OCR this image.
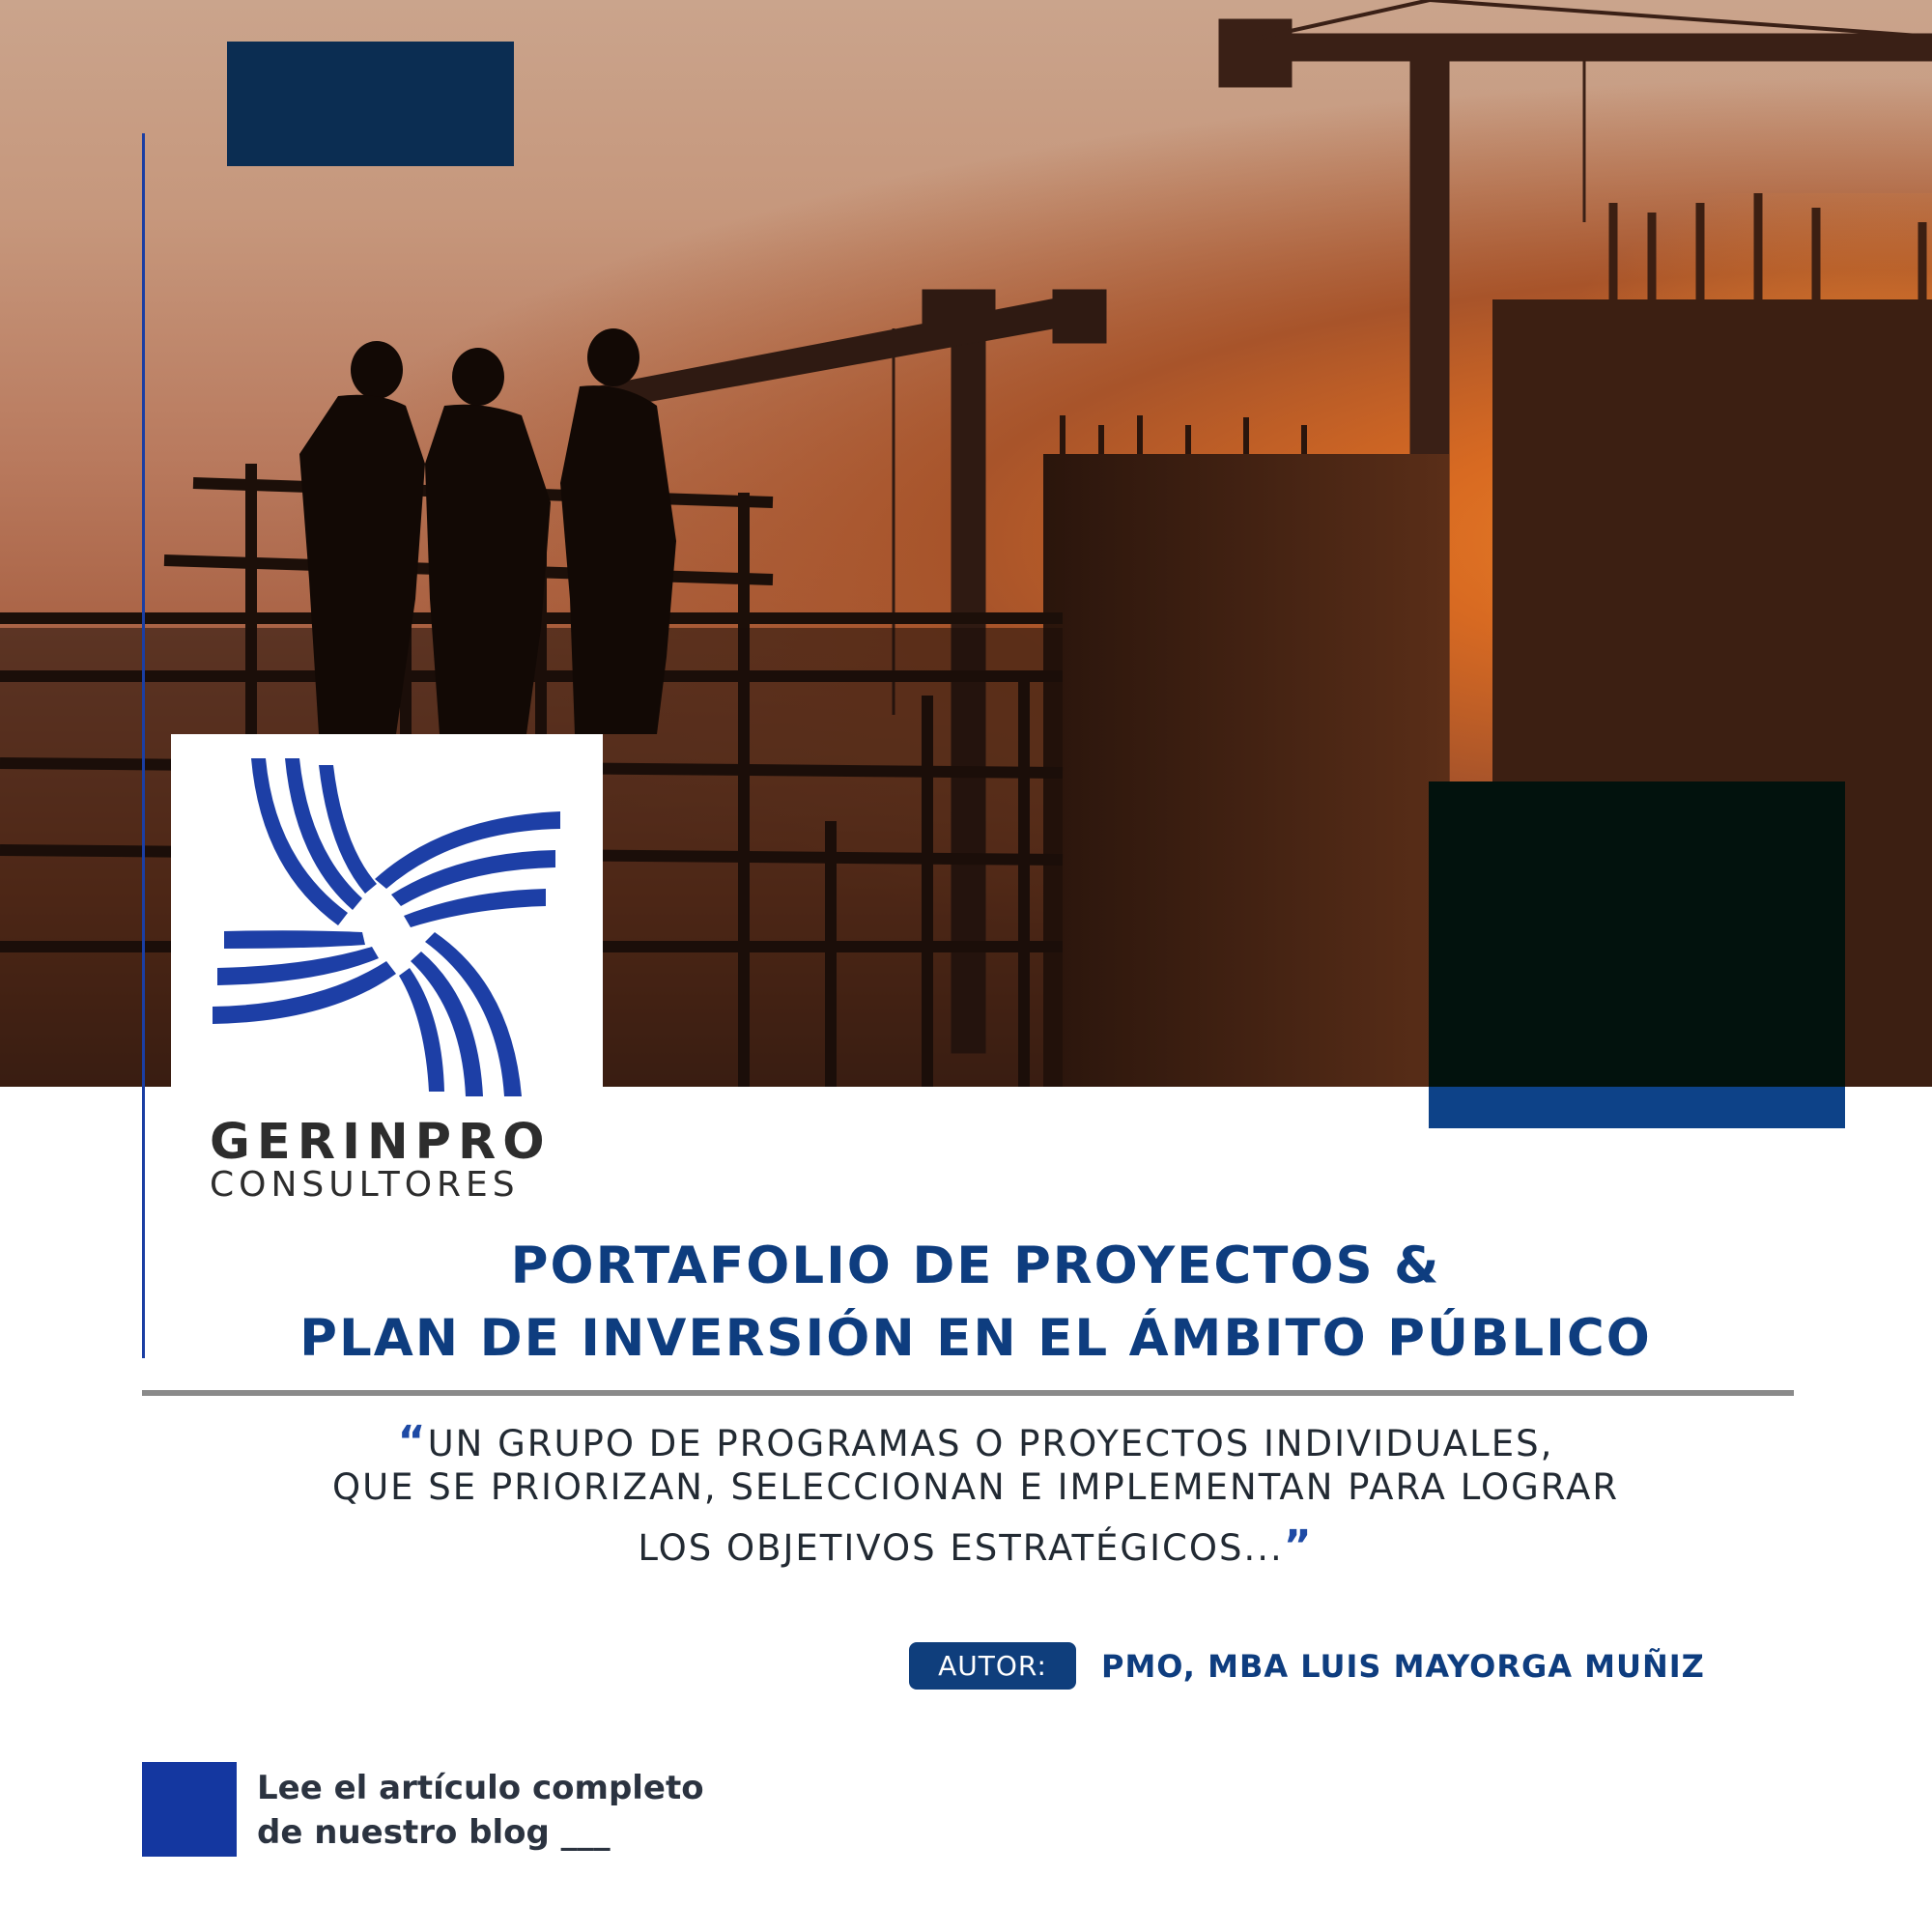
GERINPRO
CONSULTORES
PORTAFOLIO DE PROYECTOS &
PLAN DE INVERSIÓN EN EL ÁMBITO PÚBLICO
“UN GRUPO DE PROGRAMAS O PROYECTOS INDIVIDUALES,
QUE SE PRIORIZAN, SELECCIONAN E IMPLEMENTAN PARA LOGRAR
LOS OBJETIVOS ESTRATÉGICOS...”
AUTOR:	PMO, MBA LUIS MAYORGA MUÑIZ
Lee el artículo completo
de nuestro blog ___
